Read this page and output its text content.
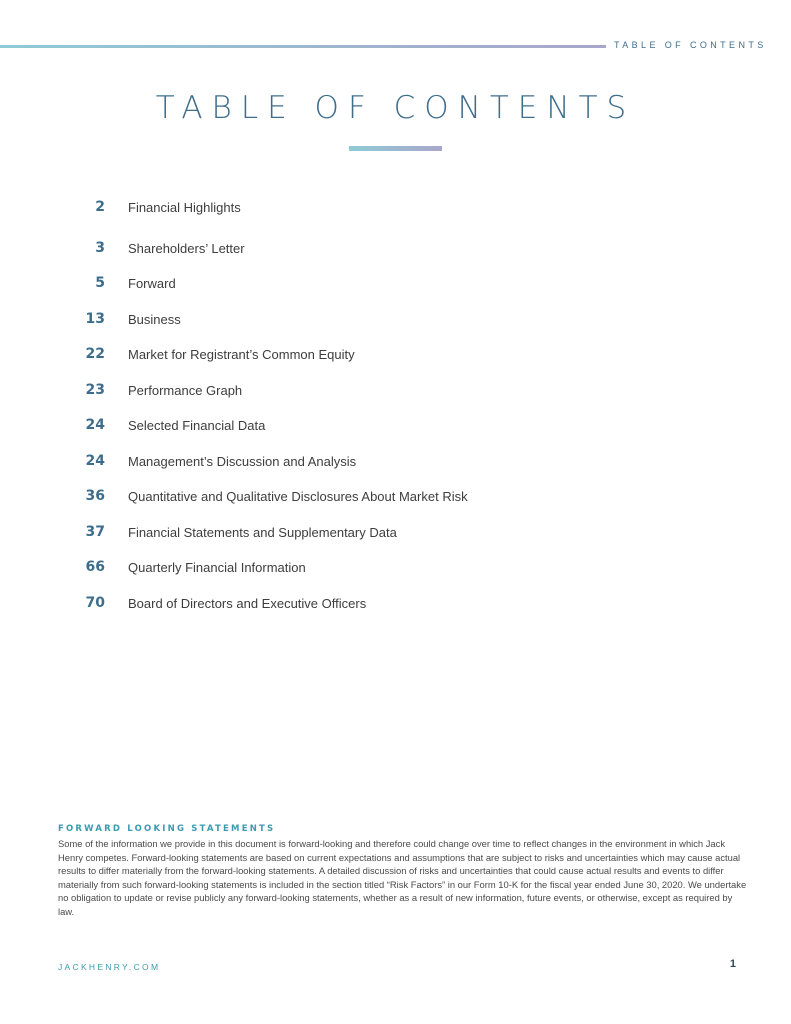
TABLE OF CONTENTS
TABLE OF CONTENTS
2 Financial Highlights
3 Shareholders’ Letter
5 Forward
13 Business
22 Market for Registrant’s Common Equity
23 Performance Graph
24 Selected Financial Data
24 Management’s Discussion and Analysis
36 Quantitative and Qualitative Disclosures About Market Risk
37 Financial Statements and Supplementary Data
66 Quarterly Financial Information
70 Board of Directors and Executive Officers
FORWARD LOOKING STATEMENTS

Some of the information we provide in this document is forward-looking and therefore could change over time to reflect changes in the environment in which Jack Henry competes. Forward-looking statements are based on current expectations and assumptions that are subject to risks and uncertainties which may cause actual results to differ materially from the forward-looking statements. A detailed discussion of risks and uncertainties that could cause actual results and events to differ materially from such forward-looking statements is included in the section titled “Risk Factors” in our Form 10-K for the fiscal year ended June 30, 2020. We undertake no obligation to update or revise publicly any forward-looking statements, whether as a result of new information, future events, or otherwise, except as required by law.

JACKHENRY.COM	1
